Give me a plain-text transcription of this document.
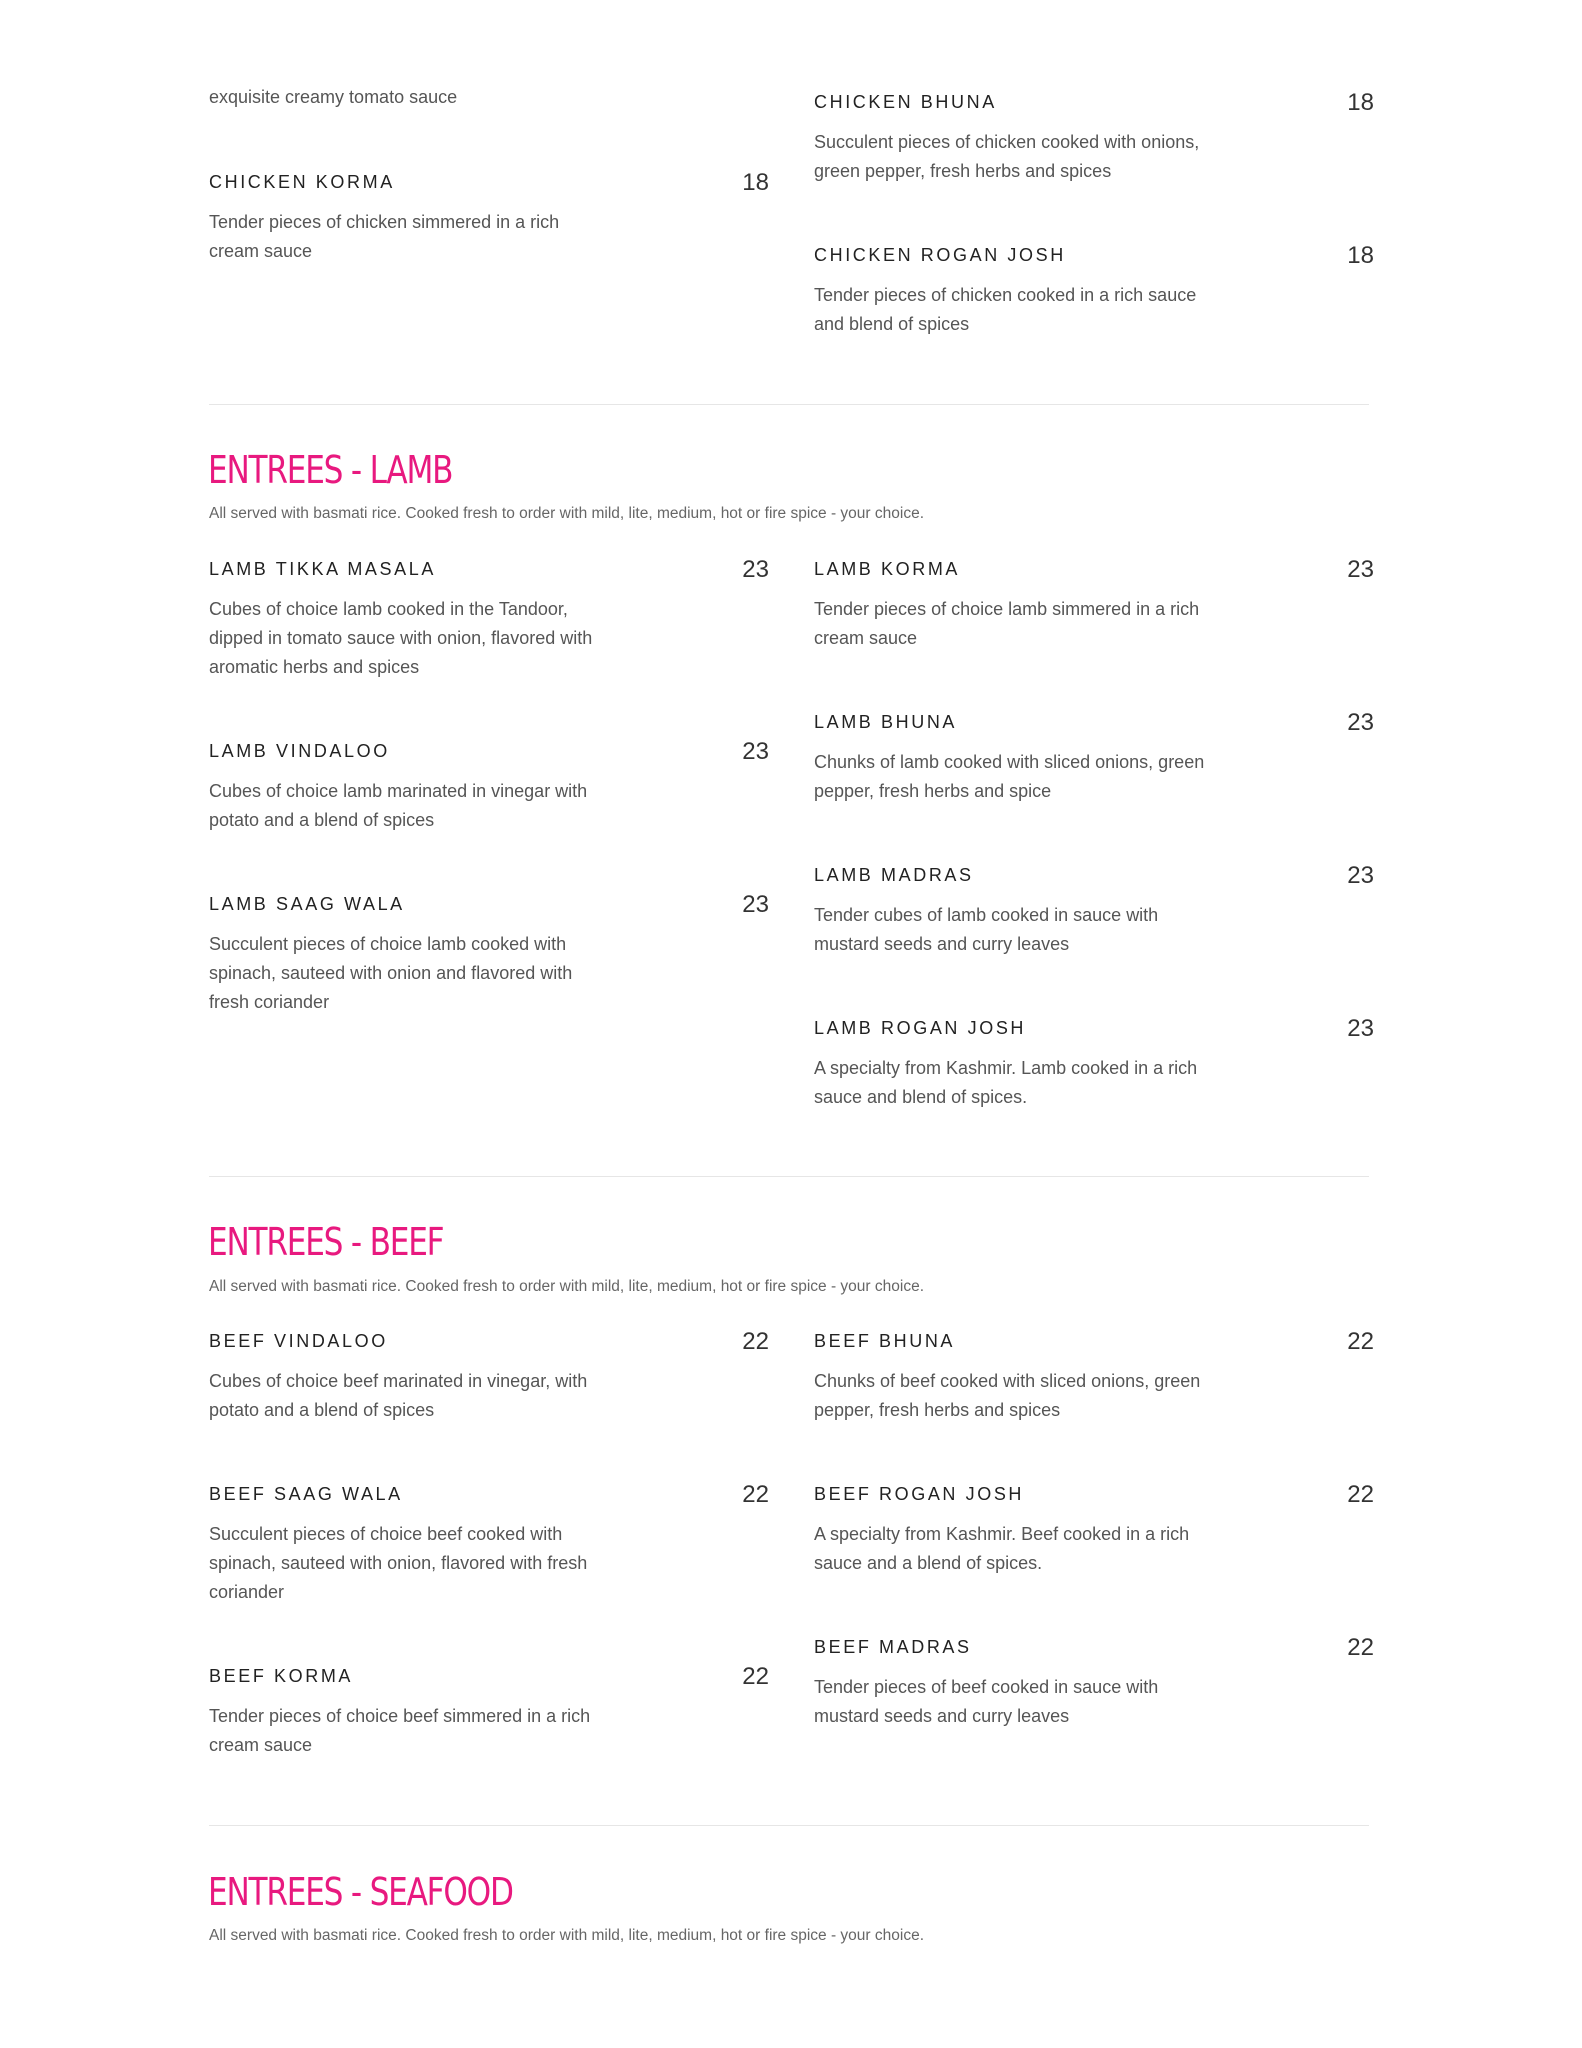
exquisite creamy tomato sauce
CHICKEN KORMA	18
Tender pieces of chicken simmered in a rich cream sauce
CHICKEN BHUNA	18
Succulent pieces of chicken cooked with onions, green pepper, fresh herbs and spices
CHICKEN ROGAN JOSH	18
Tender pieces of chicken cooked in a rich sauce and blend of spices
ENTREES - LAMB
All served with basmati rice. Cooked fresh to order with mild, lite, medium, hot or fire spice - your choice.
LAMB TIKKA MASALA	23
Cubes of choice lamb cooked in the Tandoor, dipped in tomato sauce with onion, flavored with aromatic herbs and spices
LAMB VINDALOO	23
Cubes of choice lamb marinated in vinegar with potato and a blend of spices
LAMB SAAG WALA	23
Succulent pieces of choice lamb cooked with spinach, sauteed with onion and flavored with fresh coriander
LAMB KORMA	23
Tender pieces of choice lamb simmered in a rich cream sauce
LAMB BHUNA	23
Chunks of lamb cooked with sliced onions, green pepper, fresh herbs and spice
LAMB MADRAS	23
Tender cubes of lamb cooked in sauce with mustard seeds and curry leaves
LAMB ROGAN JOSH	23
A specialty from Kashmir. Lamb cooked in a rich sauce and blend of spices.
ENTREES - BEEF
All served with basmati rice. Cooked fresh to order with mild, lite, medium, hot or fire spice - your choice.
BEEF VINDALOO	22
Cubes of choice beef marinated in vinegar, with potato and a blend of spices
BEEF SAAG WALA	22
Succulent pieces of choice beef cooked with spinach, sauteed with onion, flavored with fresh coriander
BEEF KORMA	22
Tender pieces of choice beef simmered in a rich cream sauce
BEEF BHUNA	22
Chunks of beef cooked with sliced onions, green pepper, fresh herbs and spices
BEEF ROGAN JOSH	22
A specialty from Kashmir. Beef cooked in a rich sauce and a blend of spices.
BEEF MADRAS	22
Tender pieces of beef cooked in sauce with mustard seeds and curry leaves
ENTREES - SEAFOOD
All served with basmati rice. Cooked fresh to order with mild, lite, medium, hot or fire spice - your choice.
